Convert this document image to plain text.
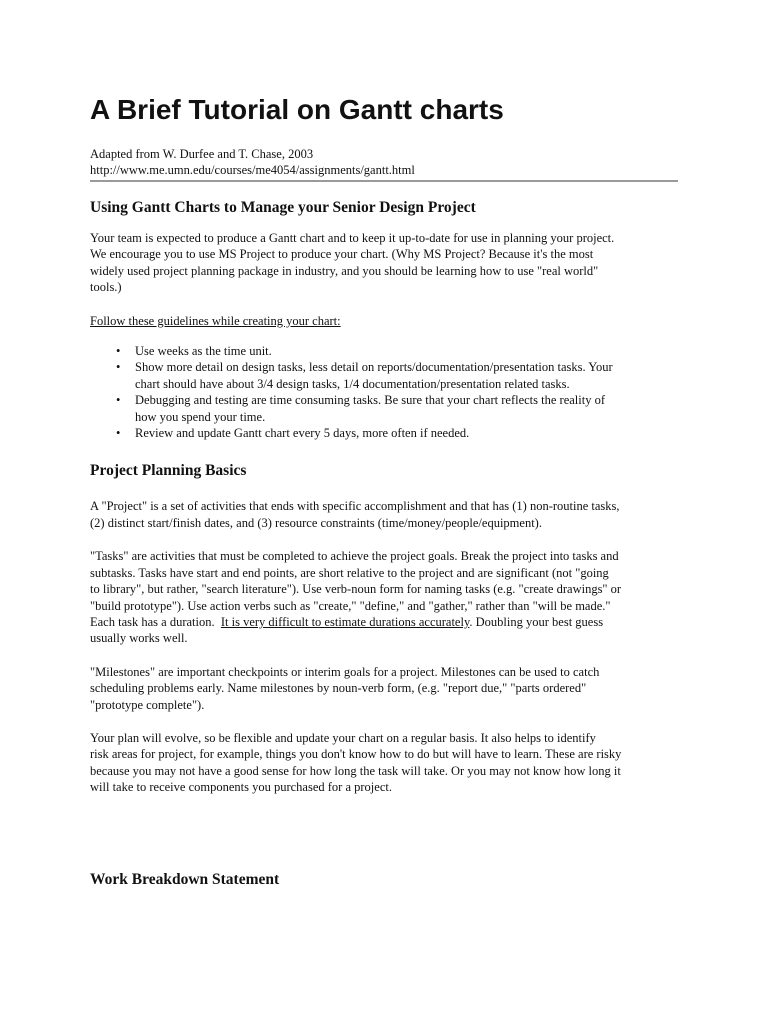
A Brief Tutorial on Gantt charts
Adapted from W. Durfee and T. Chase, 2003
http://www.me.umn.edu/courses/me4054/assignments/gantt.html
Using Gantt Charts to Manage your Senior Design Project

Your team is expected to produce a Gantt chart and to keep it up-to-date for use in planning your project.

We encourage you to use MS Project to produce your chart. (Why MS Project? Because it's the most

widely used project planning package in industry, and you should be learning how to use "real world"

tools.)

Follow these guidelines while creating your chart:

• Use weeks as the time unit.
• Show more detail on design tasks, less detail on reports/documentation/presentation tasks. Your
chart should have about 3/4 design tasks, 1/4 documentation/presentation related tasks.
• Debugging and testing are time consuming tasks. Be sure that your chart reflects the reality of
how you spend your time.
• Review and update Gantt chart every 5 days, more often if needed.
Project Planning Basics

A "Project" is a set of activities that ends with specific accomplishment and that has (1) non-routine tasks,

(2) distinct start/finish dates, and (3) resource constraints (time/money/people/equipment).

"Tasks" are activities that must be completed to achieve the project goals. Break the project into tasks and

subtasks. Tasks have start and end points, are short relative to the project and are significant (not "going

to library", but rather, "search literature"). Use verb-noun form for naming tasks (e.g. "create drawings" or

"build prototype"). Use action verbs such as "create," "define," and "gather," rather than "will be made."

Each task has a duration.  It is very difficult to estimate durations accurately. Doubling your best guess

usually works well.

"Milestones" are important checkpoints or interim goals for a project. Milestones can be used to catch

scheduling problems early. Name milestones by noun-verb form, (e.g. "report due," "parts ordered"

"prototype complete").

Your plan will evolve, so be flexible and update your chart on a regular basis. It also helps to identify

risk areas for project, for example, things you don't know how to do but will have to learn. These are risky

because you may not have a good sense for how long the task will take. Or you may not know how long it

will take to receive components you purchased for a project.

Work Breakdown Statement
